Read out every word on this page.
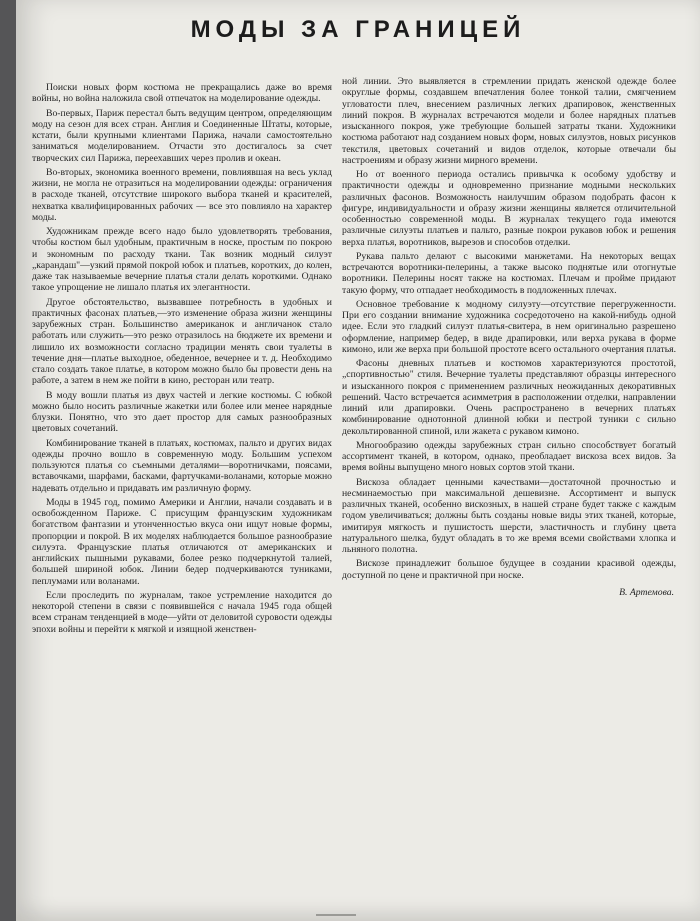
МОДЫ ЗА ГРАНИЦЕЙ

Поиски новых форм костюма не прекращались даже во время войны, но война наложила свой отпечаток на моделирование одежды.

Во-первых, Париж перестал быть ведущим центром, определяющим моду на сезон для всех стран. Англия и Соединенные Штаты, которые, кстати, были крупными клиентами Парижа, начали самостоятельно заниматься моделированием. Отчасти это достигалось за счет творческих сил Парижа, переехавших через пролив и океан.

Во-вторых, экономика военного времени, повлиявшая на весь уклад жизни, не могла не отразиться на моделировании одежды: ограничения в расходе тканей, отсутствие широкого выбора тканей и красителей, нехватка квалифицированных рабочих — все это повлияло на характер моды.

Художникам прежде всего надо было удовлетворять требования, чтобы костюм был удобным, практичным в носке, простым по покрою и экономным по расходу ткани. Так возник модный силуэт „карандаш"—узкий прямой покрой юбок и платьев, коротких, до колен, даже так называемые вечерние платья стали делать короткими. Однако такое упрощение не лишало платья их элегантности.

Другое обстоятельство, вызвавшее потребность в удобных и практичных фасонах платьев,—это изменение образа жизни женщины зарубежных стран. Большинство американок и англичанок стало работать или служить—это резко отразилось на бюджете их времени и лишило их возможности согласно традиции менять свои туалеты в течение дня—платье выходное, обеденное, вечернее и т. д. Необходимо стало создать такое платье, в котором можно было бы провести день на работе, а затем в нем же пойти в кино, ресторан или театр.

В моду вошли платья из двух частей и легкие костюмы. С юбкой можно было носить различные жакетки или более или менее нарядные блузки. Понятно, что это дает простор для самых разнообразных цветовых сочетаний.

Комбинирование тканей в платьях, костюмах, пальто и других видах одежды прочно вошло в современную моду. Большим успехом пользуются платья со съемными деталями—воротничками, поясами, вставочками, шарфами, басками, фартучками-воланами, которые можно надевать отдельно и придавать им различную форму.

Моды в 1945 год, помимо Америки и Англии, начали создавать и в освобожденном Париже. С присущим французским художникам богатством фантазии и утонченностью вкуса они ищут новые формы, пропорции и покрой. В их моделях наблюдается большое разнообразие силуэта. Французские платья отличаются от американских и английских пышными рукавами, более резко подчеркнутой талией, большей шириной юбок. Линии бедер подчеркиваются туниками, пеплумами или воланами.

Если проследить по журналам, такое устремление находится до некоторой степени в связи с появившейся с начала 1945 года общей всем странам тенденцией в моде—уйти от деловитой суровости одежды эпохи войны и перейти к мягкой и изящной женствен-

ной линии. Это выявляется в стремлении придать женской одежде более округлые формы, создавшем впечатления более тонкой талии, смягчением угловатости плеч, внесением различных легких драпировок, женственных линий покроя. В журналах встречаются модели и более нарядных платьев изысканного покроя, уже требующие большей затраты ткани. Художники костюма работают над созданием новых форм, новых силуэтов, новых рисунков текстиля, цветовых сочетаний и видов отделок, которые отвечали бы настроениям и образу жизни мирного времени.

Но от военного периода остались привычка к особому удобству и практичности одежды и одновременно признание модными нескольких различных фасонов. Возможность наилучшим образом подобрать фасон к фигуре, индивидуальности и образу жизни женщины является отличительной особенностью современной моды. В журналах текущего года имеются различные силуэты платьев и пальто, разные покрои рукавов юбок и решения верха платья, воротников, вырезов и способов отделки.

Рукава пальто делают с высокими манжетами. На некоторых вещах встречаются воротники-пелерины, а также высоко поднятые или отогнутые воротники. Пелерины носят также на костюмах. Плечам и пройме придают такую форму, что отпадает необходимость в подложенных плечах.

Основное требование к модному силуэту—отсутствие перегруженности. При его создании внимание художника сосредоточено на какой-нибудь одной идее. Если это гладкий силуэт платья-свитера, в нем оригинально разрешено оформление, например бедер, в виде драпировки, или верха рукава в форме кимоно, или же верха при большой простоте всего остального очертания платья.

Фасоны дневных платьев и костюмов характеризуются простотой, „спортивностью" стиля. Вечерние туалеты представляют образцы интересного и изысканного покроя с применением различных неожиданных декоративных решений. Часто встречается асимметрия в расположении отделки, направлении линий или драпировки. Очень распространено в вечерних платьях комбинирование однотонной длинной юбки и пестрой туники с сильно декольтированной спиной, или жакета с рукавом кимоно.

Многообразию одежды зарубежных стран сильно способствует богатый ассортимент тканей, в котором, однако, преобладает вискоза всех видов. За время войны выпущено много новых сортов этой ткани.

Вискоза обладает ценными качествами—достаточной прочностью и несминаемостью при максимальной дешевизне. Ассортимент и выпуск различных тканей, особенно вискозных, в нашей стране будет также с каждым годом увеличиваться; должны быть созданы новые виды этих тканей, которые, имитируя мягкость и пушистость шерсти, эластичность и глубину цвета натурального шелка, будут обладать в то же время всеми свойствами хлопка и льняного полотна.

Вискозе принадлежит большое будущее в создании красивой одежды, доступной по цене и практичной при носке.

В. Артемова.
